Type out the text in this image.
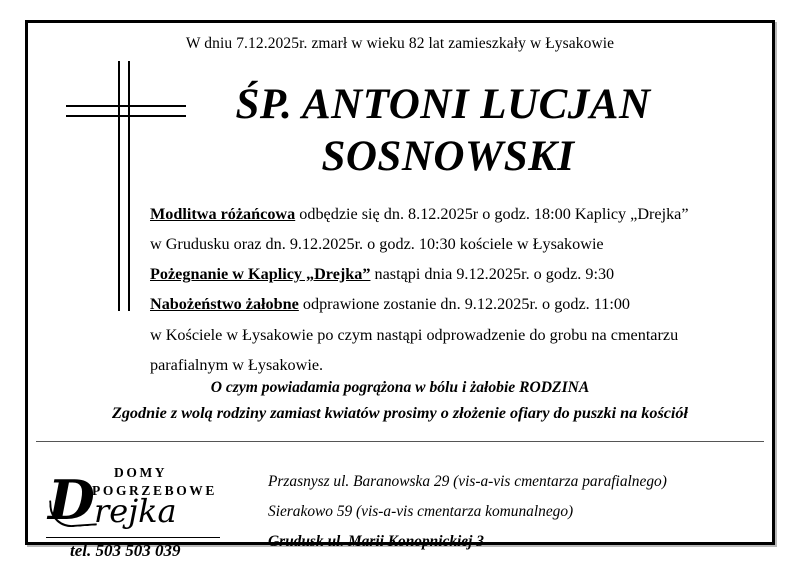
W dniu 7.12.2025r. zmarł w wieku 82 lat zamieszkały w Łysakowie
ŚP. ANTONI LUCJAN
SOSNOWSKI
Modlitwa różańcowa odbędzie się dn. 8.12.2025r o godz. 18:00 Kaplicy „Drejka”
w Grudusku oraz dn. 9.12.2025r. o godz. 10:30 kościele w Łysakowie
Pożegnanie w Kaplicy „Drejka” nastąpi dnia 9.12.2025r. o godz. 9:30
Nabożeństwo żałobne odprawione zostanie dn. 9.12.2025r. o godz. 11:00
w Kościele w Łysakowie po czym nastąpi odprowadzenie do grobu na cmentarzu
parafialnym w Łysakowie.
O czym powiadamia pogrążona w bólu i żałobie RODZINA
Zgodnie z wolą rodziny zamiast kwiatów prosimy o złożenie ofiary do puszki na kościół
D DOMY
POGRZEBOWE
rejka
tel. 503 503 039
Przasnysz ul. Baranowska 29 (vis-a-vis cmentarza parafialnego)
Sierakowo 59 (vis-a-vis cmentarza komunalnego)
Grudusk ul. Marii Konopnickiej 3
